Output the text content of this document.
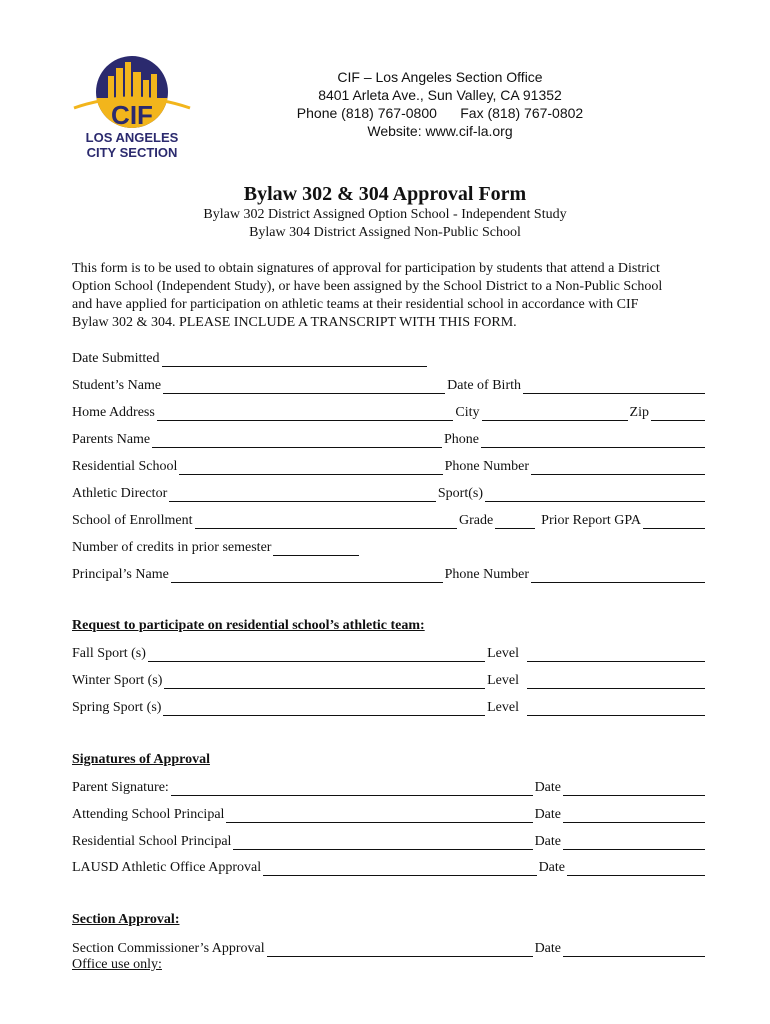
CIF
LOS ANGELES
CITY SECTION
CIF – Los Angeles Section Office
8401 Arleta Ave., Sun Valley, CA 91352
Phone (818) 767-0800 Fax (818) 767-0802
Website: www.cif-la.org
Bylaw 302 & 304 Approval Form
Bylaw 302 District Assigned Option School - Independent Study
Bylaw 304 District Assigned Non-Public School
This form is to be used to obtain signatures of approval for participation by students that attend a District
Option School (Independent Study), or have been assigned by the School District to a Non-Public School
and have applied for participation on athletic teams at their residential school in accordance with CIF
Bylaw 302 & 304. PLEASE INCLUDE A TRANSCRIPT WITH THIS FORM.
Date Submitted
Student’s Name	Date of Birth
Home Address	City	Zip
Parents Name	Phone
Residential School	Phone Number
Athletic Director	Sport(s)
School of Enrollment	Grade	Prior Report GPA
Number of credits in prior semester
Principal’s Name	Phone Number
Request to participate on residential school’s athletic team:
Fall Sport (s)	Level
Winter Sport (s)	Level
Spring Sport (s)	Level
Signatures of Approval
Parent Signature:	Date
Attending School Principal	Date
Residential School Principal	Date
LAUSD Athletic Office Approval	Date
Section Approval:
Section Commissioner’s Approval	Date
Office use only:
